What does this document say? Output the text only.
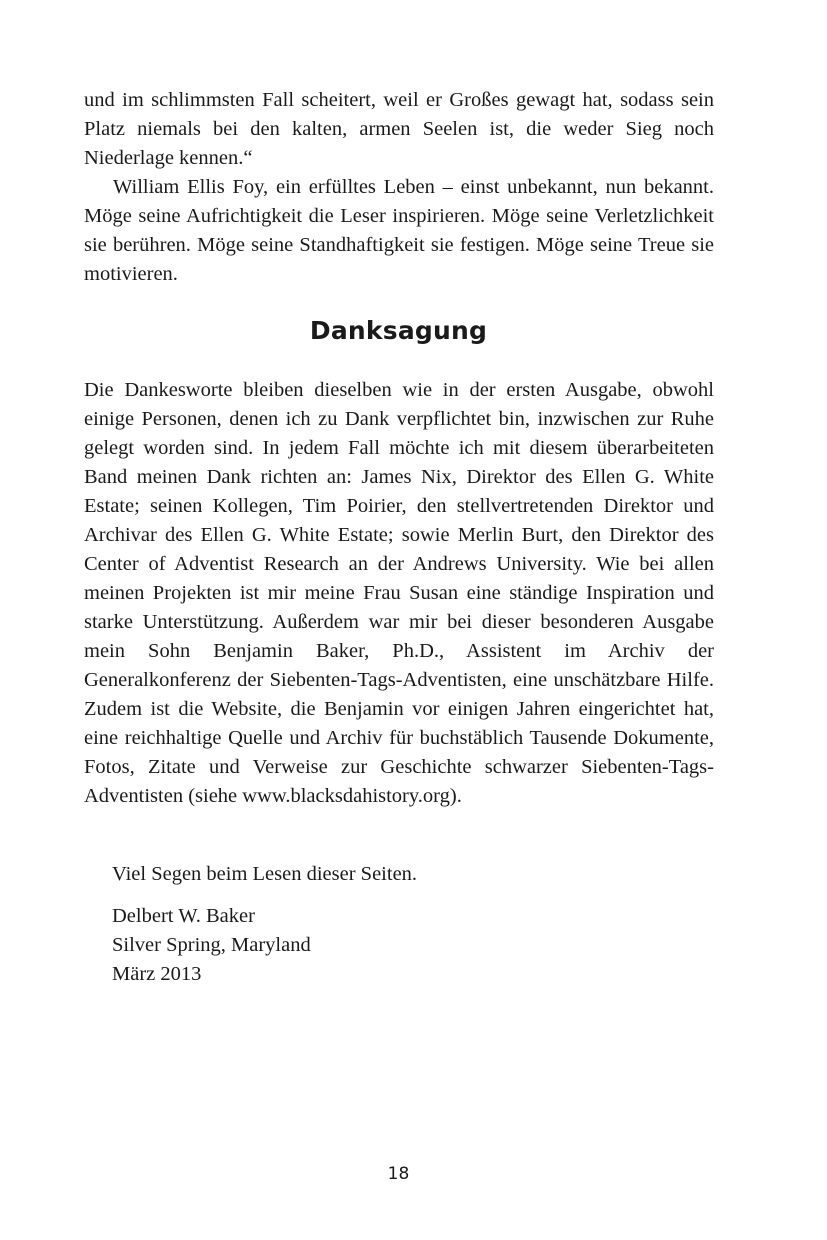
und im schlimmsten Fall scheitert, weil er Großes gewagt hat, sodass sein Platz niemals bei den kalten, armen Seelen ist, die weder Sieg noch Niederlage kennen.“

William Ellis Foy, ein erfülltes Leben – einst unbekannt, nun bekannt. Möge seine Aufrichtigkeit die Leser inspirieren. Möge seine Verletzlichkeit sie berühren. Möge seine Standhaftigkeit sie festigen. Möge seine Treue sie motivieren.

Danksagung

Die Dankesworte bleiben dieselben wie in der ersten Ausgabe, obwohl einige Personen, denen ich zu Dank verpflichtet bin, inzwischen zur Ruhe gelegt worden sind. In jedem Fall möchte ich mit diesem überarbeiteten Band meinen Dank richten an: James Nix, Direktor des Ellen G. White Estate; seinen Kollegen, Tim Poirier, den stellvertretenden Direktor und Archivar des Ellen G. White Estate; sowie Merlin Burt, den Direktor des Center of Adventist Research an der Andrews University. Wie bei allen meinen Projekten ist mir meine Frau Susan eine ständige Inspiration und starke Unterstützung. Außerdem war mir bei dieser besonderen Ausgabe mein Sohn Benjamin Baker, Ph.D., Assistent im Archiv der Generalkonferenz der Siebenten-Tags-Adventisten, eine unschätzbare Hilfe. Zudem ist die Website, die Benjamin vor einigen Jahren eingerichtet hat, eine reichhaltige Quelle und Archiv für buchstäblich Tausende Dokumente, Fotos, Zitate und Verweise zur Geschichte schwarzer Siebenten-Tags-Adventisten (siehe www.blacksdahistory.org).

Viel Segen beim Lesen dieser Seiten.
Delbert W. Baker
Silver Spring, Maryland
März 2013
18
